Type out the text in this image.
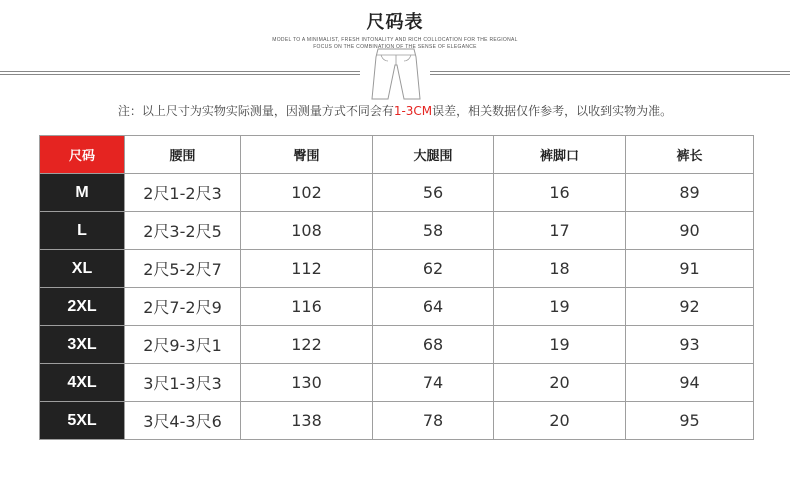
尺码表
MODEL TO A MINIMALIST, FRESH INTONALITY AND RICH COLLOCATION FOR THE REGIONAL
FOCUS ON THE COMBINATION OF THE SENSE OF ELEGANCE
注：以上尺寸为实物实际测量，因测量方式不同会有1-3CM误差，相关数据仅作参考，以收到实物为准。
尺码	腰围	臀围	大腿围	裤脚口	裤长
M	2尺1-2尺3	102	56	16	89
L	2尺3-2尺5	108	58	17	90
XL	2尺5-2尺7	112	62	18	91
2XL	2尺7-2尺9	116	64	19	92
3XL	2尺9-3尺1	122	68	19	93
4XL	3尺1-3尺3	130	74	20	94
5XL	3尺4-3尺6	138	78	20	95
